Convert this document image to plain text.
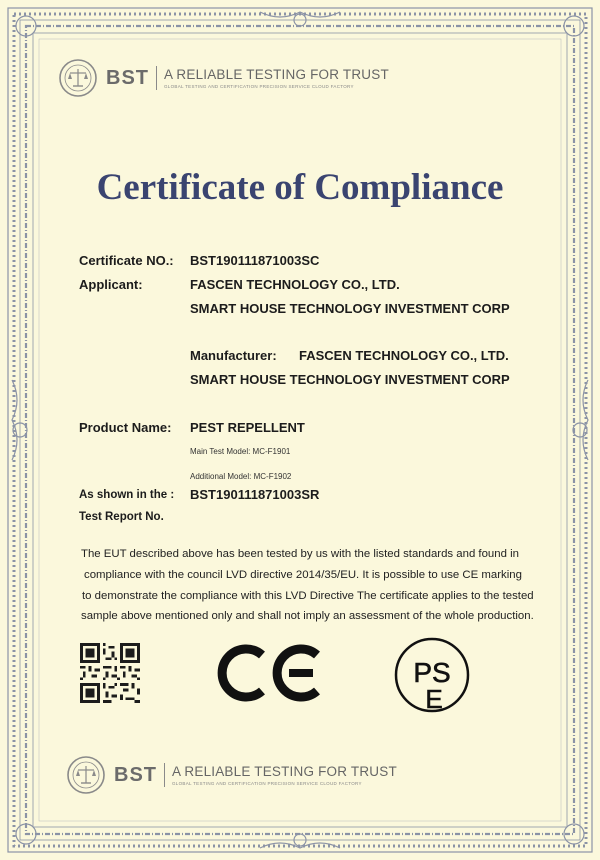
BST A RELIABLE TESTING FOR TRUST
GLOBAL TESTING AND CERTIFICATION PRECISION SERVICE CLOUD FACTORY
Certificate of Compliance
Certificate NO.: BST190111871003SC
Applicant:	FASCEN TECHNOLOGY CO., LTD.
SMART HOUSE TECHNOLOGY INVESTMENT CORP
Manufacturer: FASCEN TECHNOLOGY CO., LTD.
SMART HOUSE TECHNOLOGY INVESTMENT CORP
Product Name: PEST REPELLENT
Main Test Model: MC-F1901
Additional Model: MC-F1902
As shown in the : BST190111871003SR
Test Report No.
The EUT described above has been tested by us with the listed standards and found in
compliance with the council LVD directive 2014/35/EU. It is possible to use CE marking
to demonstrate the compliance with this LVD Directive The certificate applies to the tested
sample above mentioned only and shall not imply an assessment of the whole production.
PS
E
BST A RELIABLE TESTING FOR TRUST
GLOBAL TESTING AND CERTIFICATION PRECISION SERVICE CLOUD FACTORY
